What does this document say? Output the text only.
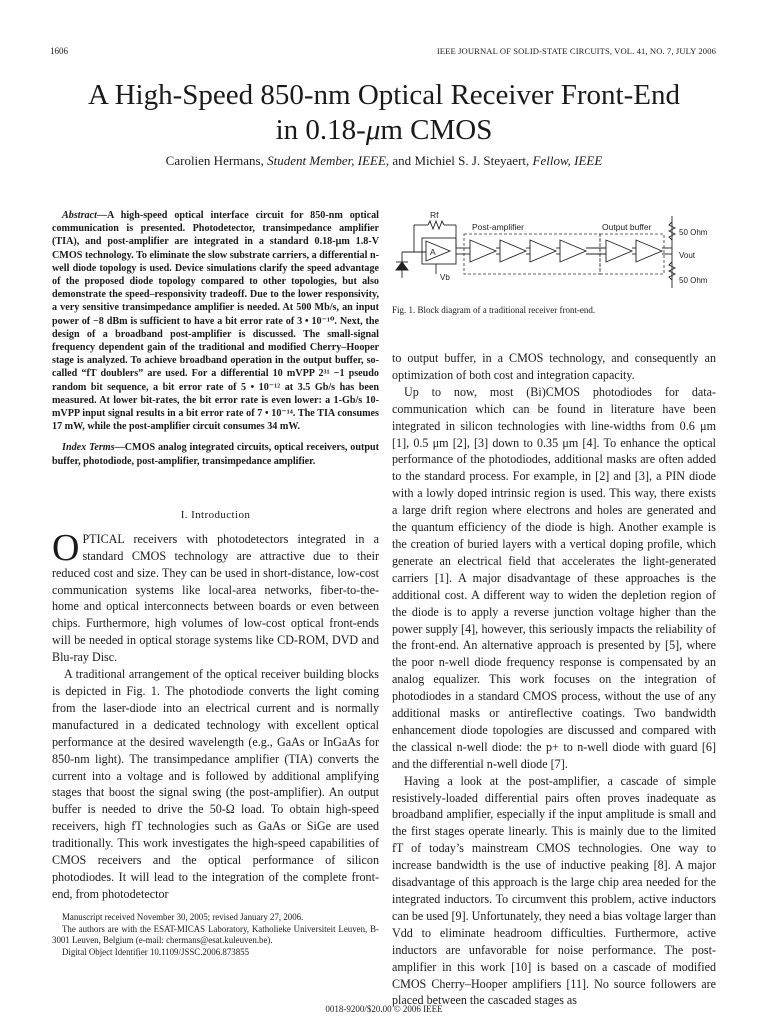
1606	IEEE JOURNAL OF SOLID-STATE CIRCUITS, VOL. 41, NO. 7, JULY 2006
A High-Speed 850-nm Optical Receiver Front-End
in 0.18-μm CMOS
Carolien Hermans, Student Member, IEEE, and Michiel S. J. Steyaert, Fellow, IEEE

Abstract—A high-speed optical interface circuit for 850-nm optical communication is presented. Photodetector, transimpedance amplifier (TIA), and post-amplifier are integrated in a standard 0.18-μm 1.8-V CMOS technology. To eliminate the slow substrate carriers, a differential n-well diode topology is used. Device simulations clarify the speed advantage of the proposed diode topology compared to other topologies, but also demonstrate the speed–responsivity tradeoff. Due to the lower responsivity, a very sensitive transimpedance amplifier is needed. At 500 Mb/s, an input power of −8 dBm is sufficient to have a bit error rate of 3 • 10⁻¹⁰. Next, the design of a broadband post-amplifier is discussed. The small-signal frequency dependent gain of the traditional and modified Cherry–Hooper stage is analyzed. To achieve broadband operation in the output buffer, so-called “fT doublers” are used. For a differential 10 mVPP 2³¹ −1 pseudo random bit sequence, a bit error rate of 5 • 10⁻¹² at 3.5 Gb/s has been measured. At lower bit-rates, the bit error rate is even lower: a 1-Gb/s 10-mVPP input signal results in a bit error rate of 7 • 10⁻¹⁴. The TIA consumes 17 mW, while the post-amplifier circuit consumes 34 mW.

Index Terms—CMOS analog integrated circuits, optical receivers, output buffer, photodiode, post-amplifier, transimpedance amplifier.

I. Introduction

OPTICAL receivers with photodetectors integrated in a standard CMOS technology are attractive due to their reduced cost and size. They can be used in short-distance, low-cost communication systems like local-area networks, fiber-to-the-home and optical interconnects between boards or even between chips. Furthermore, high volumes of low-cost optical front-ends will be needed in optical storage systems like CD-ROM, DVD and Blu-ray Disc.

A traditional arrangement of the optical receiver building blocks is depicted in Fig. 1. The photodiode converts the light coming from the laser-diode into an electrical current and is normally manufactured in a dedicated technology with excellent optical performance at the desired wavelength (e.g., GaAs or InGaAs for 850-nm light). The transimpedance amplifier (TIA) converts the current into a voltage and is followed by additional amplifying stages that boost the signal swing (the post-amplifier). An output buffer is needed to drive the 50-Ω load. To obtain high-speed receivers, high fT technologies such as GaAs or SiGe are used traditionally. This work investigates the high-speed capabilities of CMOS receivers and the optical performance of silicon photodiodes. It will lead to the integration of the complete front-end, from photodetector

Manuscript received November 30, 2005; revised January 27, 2006.

The authors are with the ESAT-MICAS Laboratory, Katholieke Universiteit Leuven, B-3001 Leuven, Belgium (e-mail: chermans@esat.kuleuven.be).

Digital Object Identifier 10.1109/JSSC.2006.873855

Rf
A
Vb
Post-amplifier	Output buffer
50 Ohm
Vout
50 Ohm
Fig. 1. Block diagram of a traditional receiver front-end.

to output buffer, in a CMOS technology, and consequently an optimization of both cost and integration capacity.

Up to now, most (Bi)CMOS photodiodes for data-communication which can be found in literature have been integrated in silicon technologies with line-widths from 0.6 μm [1], 0.5 μm [2], [3] down to 0.35 μm [4]. To enhance the optical performance of the photodiodes, additional masks are often added to the standard process. For example, in [2] and [3], a PIN diode with a lowly doped intrinsic region is used. This way, there exists a large drift region where electrons and holes are generated and the quantum efficiency of the diode is high. Another example is the creation of buried layers with a vertical doping profile, which generate an electrical field that accelerates the light-generated carriers [1]. A major disadvantage of these approaches is the additional cost. A different way to widen the depletion region of the diode is to apply a reverse junction voltage higher than the power supply [4], however, this seriously impacts the reliability of the front-end. An alternative approach is presented by [5], where the poor n-well diode frequency response is compensated by an analog equalizer. This work focuses on the integration of photodiodes in a standard CMOS process, without the use of any additional masks or antireflective coatings. Two bandwidth enhancement diode topologies are discussed and compared with the classical n-well diode: the p+ to n-well diode with guard [6] and the differential n-well diode [7].

Having a look at the post-amplifier, a cascade of simple resistively-loaded differential pairs often proves inadequate as broadband amplifier, especially if the input amplitude is small and the first stages operate linearly. This is mainly due to the limited fT of today’s mainstream CMOS technologies. One way to increase bandwidth is the use of inductive peaking [8]. A major disadvantage of this approach is the large chip area needed for the integrated inductors. To circumvent this problem, active inductors can be used [9]. Unfortunately, they need a bias voltage larger than Vdd to eliminate headroom difficulties. Furthermore, active inductors are unfavorable for noise performance. The post-amplifier in this work [10] is based on a cascade of modified CMOS Cherry–Hooper amplifiers [11]. No source followers are placed between the cascaded stages as

0018-9200/$20.00 © 2006 IEEE
